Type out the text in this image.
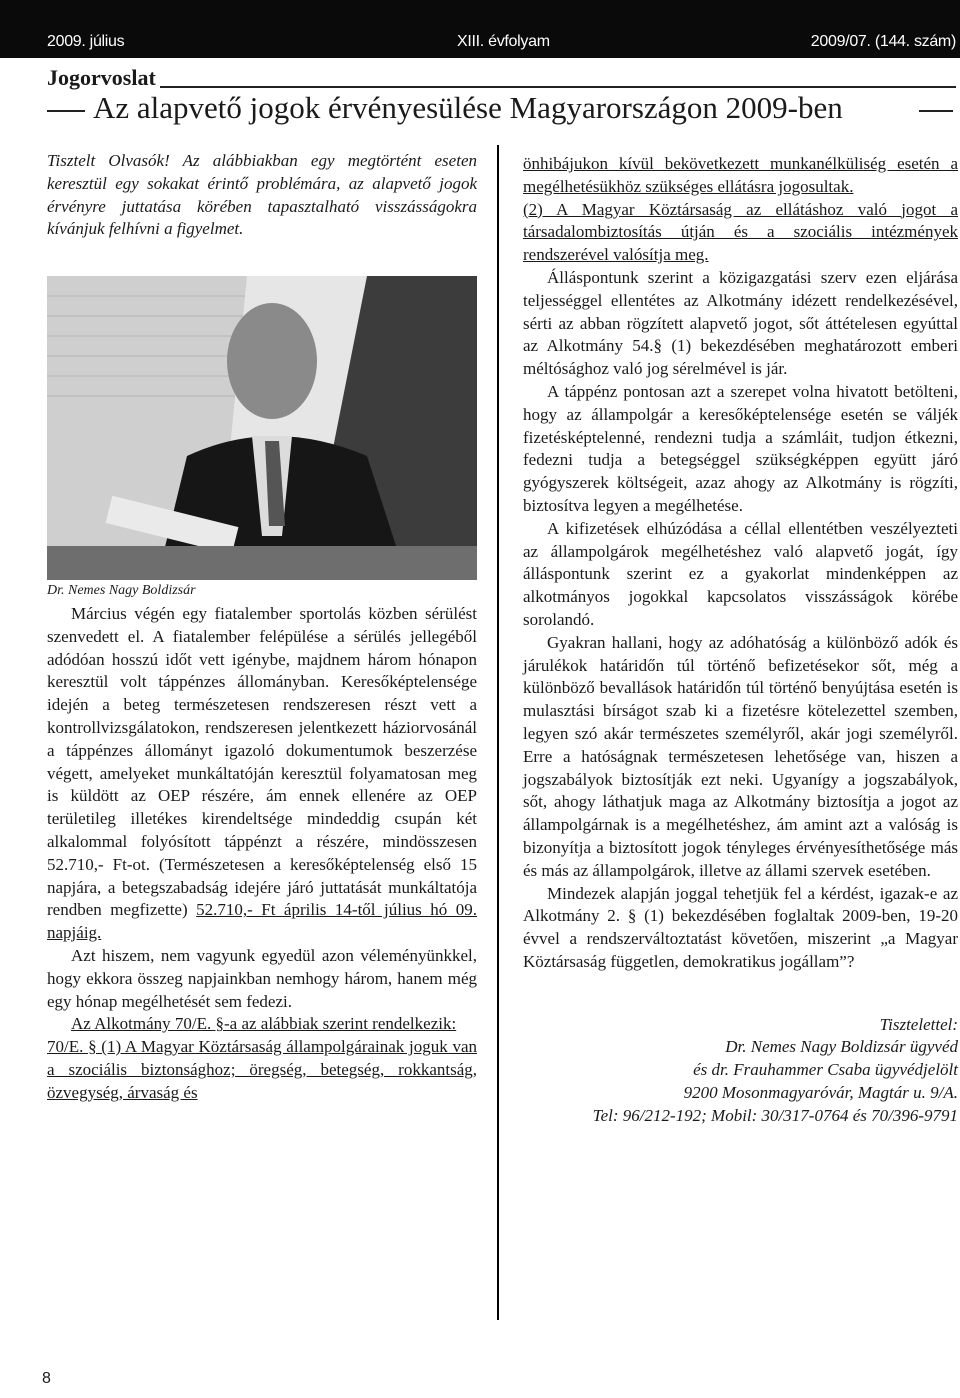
2009. július	XIII. évfolyam	2009/07. (144. szám)
Jogorvoslat
Az alapvető jogok érvényesülése Magyarországon 2009-ben

Tisztelt Olvasók! Az alábbiakban egy megtörtént eseten keresztül egy sokakat érintő problémára, az alapvető jogok érvényre juttatása körében tapasztalható visszásságokra kívánjuk felhívni a figyelmet.

Dr. Nemes Nagy Boldizsár

Március végén egy fiatalember sportolás közben sérülést szenvedett el. A fiatalember felépülése a sérülés jellegéből adódóan hosszú időt vett igénybe, majdnem három hónapon keresztül volt táppénzes állományban. Keresőképtelensége idején a beteg természetesen rendszeresen részt vett a kontrollvizsgálatokon, rendszeresen jelentkezett háziorvosánál a táppénzes állományt igazoló dokumentumok beszerzése végett, amelyeket munkáltatóján keresztül folyamatosan meg is küldött az OEP részére, ám ennek ellenére az OEP területileg illetékes kirendeltsége mindeddig csupán két alkalommal folyósított táppénzt a részére, mindösszesen 52.710,- Ft-ot. (Természetesen a keresőképtelenség első 15 napjára, a betegszabadság idejére járó juttatását munkáltatója rendben megfizette) 52.710,- Ft április 14-től július hó 09. napjáig.

Azt hiszem, nem vagyunk egyedül azon véleményünkkel, hogy ekkora összeg napjainkban nemhogy három, hanem még egy hónap megélhetését sem fedezi.

Az Alkotmány 70/E. §-a az alábbiak szerint rendelkezik:

70/E. § (1) A Magyar Köztársaság állampolgárainak joguk van a szociális biztonsághoz; öregség, betegség, rokkantság, özvegység, árvaság és

önhibájukon kívül bekövetkezett munkanélküliség esetén a megélhetésükhöz szükséges ellátásra jogosultak.

(2) A Magyar Köztársaság az ellátáshoz való jogot a társadalombiztosítás útján és a szociális intézmények rendszerével valósítja meg.

Álláspontunk szerint a közigazgatási szerv ezen eljárása teljességgel ellentétes az Alkotmány idézett rendelkezésével, sérti az abban rögzített alapvető jogot, sőt áttételesen egyúttal az Alkotmány 54.§ (1) bekezdésében meghatározott emberi méltósághoz való jog sérelmével is jár.

A táppénz pontosan azt a szerepet volna hivatott betölteni, hogy az állampolgár a keresőképtelensége esetén se váljék fizetésképtelenné, rendezni tudja a számláit, tudjon étkezni, fedezni tudja a betegséggel szükségképpen együtt járó gyógyszerek költségeit, azaz ahogy az Alkotmány is rögzíti, biztosítva legyen a megélhetése.

A kifizetések elhúzódása a céllal ellentétben veszélyezteti az állampolgárok megélhetéshez való alapvető jogát, így álláspontunk szerint ez a gyakorlat mindenképpen az alkotmányos jogokkal kapcsolatos visszásságok körébe sorolandó.

Gyakran hallani, hogy az adóhatóság a különböző adók és járulékok határidőn túl történő befizetésekor sőt, még a különböző bevallások határidőn túl történő benyújtása esetén is mulasztási bírságot szab ki a fizetésre kötelezettel szemben, legyen szó akár természetes személyről, akár jogi személyről. Erre a hatóságnak természetesen lehetősége van, hiszen a jogszabályok biztosítják ezt neki. Ugyanígy a jogszabályok, sőt, ahogy láthatjuk maga az Alkotmány biztosítja a jogot az állampolgárnak is a megélhetéshez, ám amint azt a valóság is bizonyítja a biztosított jogok tényleges érvényesíthetősége más és más az állampolgárok, illetve az állami szervek esetében.

Mindezek alapján joggal tehetjük fel a kérdést, igazak-e az Alkotmány 2. § (1) bekezdésében foglaltak 2009-ben, 19-20 évvel a rendszerváltoztatást követően, miszerint „a Magyar Köztársaság független, demokratikus jogállam”?

Tisztelettel:
Dr. Nemes Nagy Boldizsár ügyvéd
és dr. Frauhammer Csaba ügyvédjelölt
9200 Mosonmagyaróvár, Magtár u. 9/A.
Tel: 96/212-192; Mobil: 30/317-0764 és 70/396-9791
8
